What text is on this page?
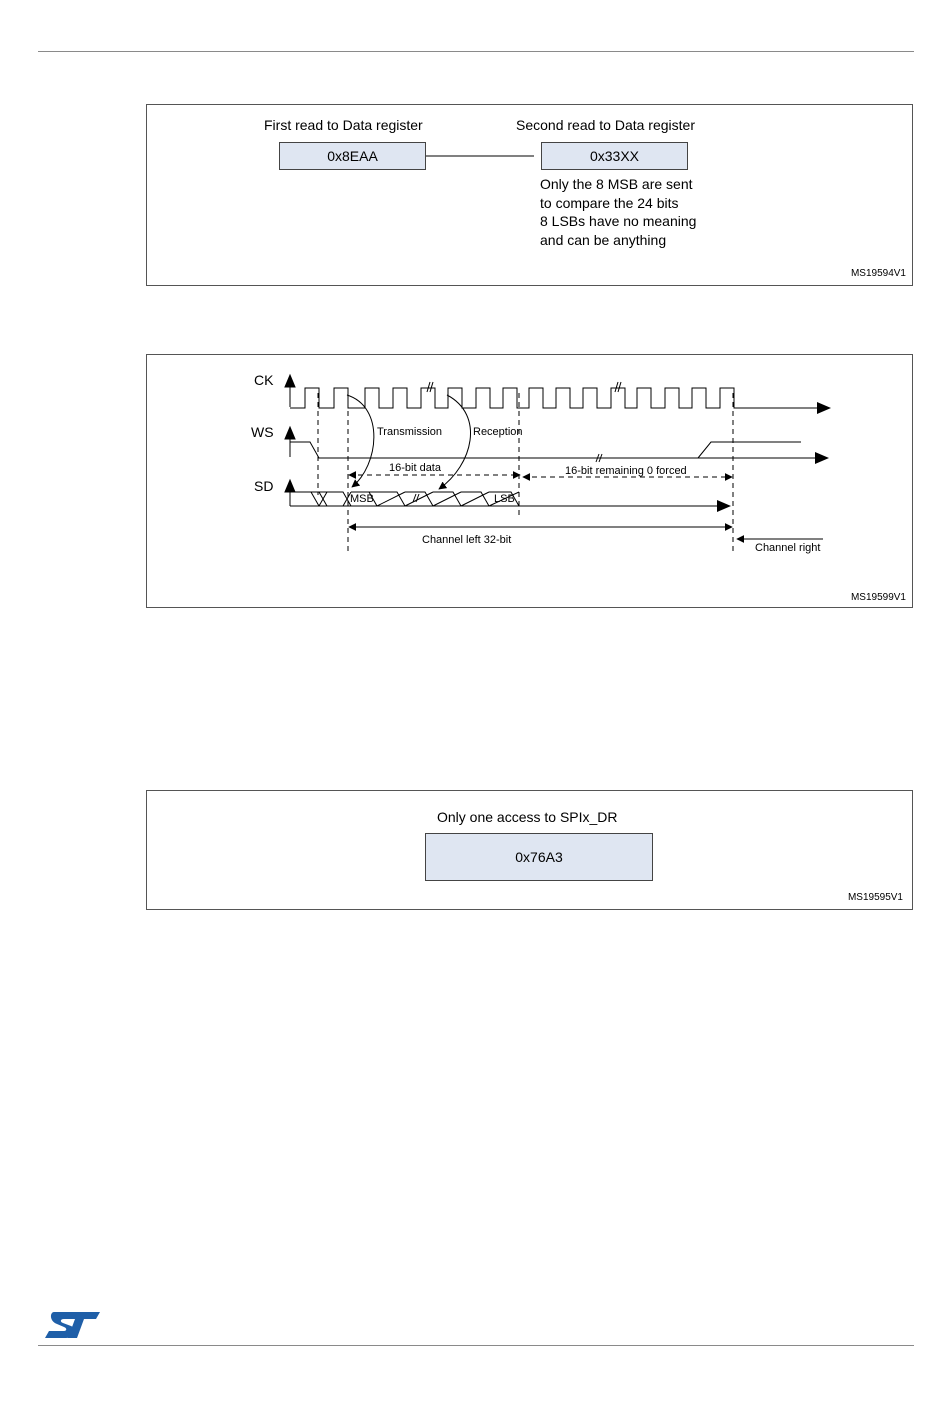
First read to Data register
0x8EAA
Second read to Data register
0x33XX
Only the 8 MSB are sent
to compare the 24 bits
8 LSBs have no meaning
and can be anything
MS19594V1
CK
WS
SD
Transmission	Reception
16-bit data	16-bit remaining 0 forced
MSB	LSB
Channel left 32-bit
Channel right
MS19599V1
Only one access to SPIx_DR
0x76A3
MS19595V1
